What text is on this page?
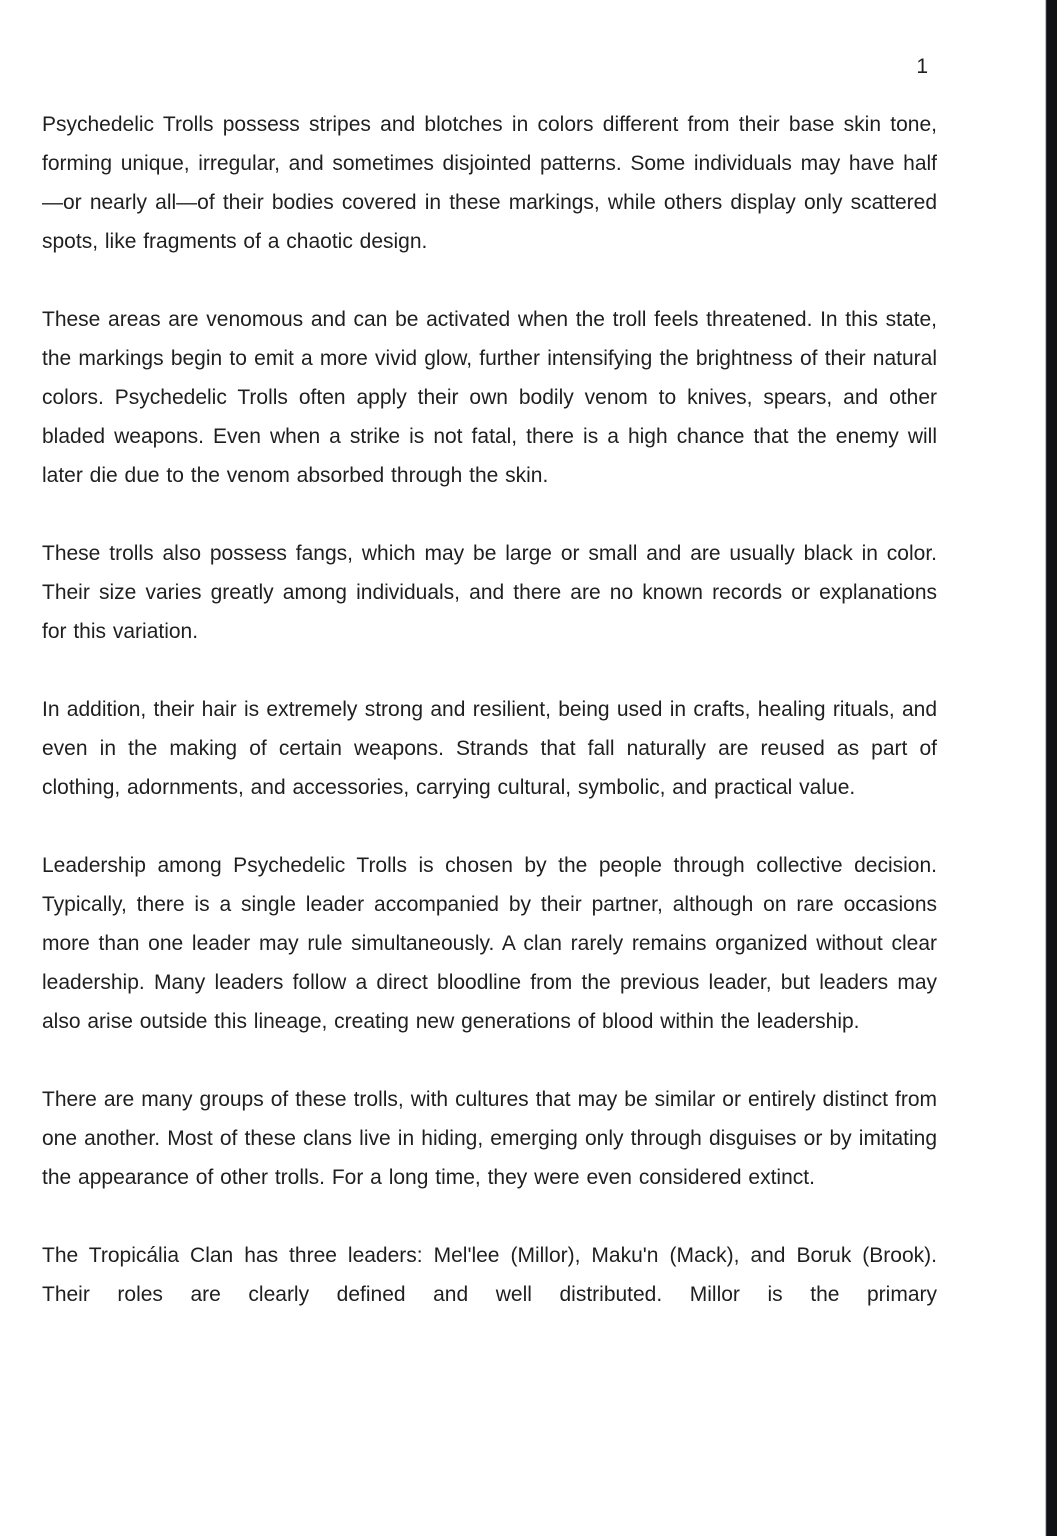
1

Psychedelic Trolls possess stripes and blotches in colors different from their base skin tone, forming unique, irregular, and sometimes disjointed patterns. Some individuals may have half—or nearly all—of their bodies covered in these markings, while others display only scattered spots, like fragments of a chaotic design.

These areas are venomous and can be activated when the troll feels threatened. In this state, the markings begin to emit a more vivid glow, further intensifying the brightness of their natural colors. Psychedelic Trolls often apply their own bodily venom to knives, spears, and other bladed weapons. Even when a strike is not fatal, there is a high chance that the enemy will later die due to the venom absorbed through the skin.

These trolls also possess fangs, which may be large or small and are usually black in color. Their size varies greatly among individuals, and there are no known records or explanations for this variation.

In addition, their hair is extremely strong and resilient, being used in crafts, healing rituals, and even in the making of certain weapons. Strands that fall naturally are reused as part of clothing, adornments, and accessories, carrying cultural, symbolic, and practical value.

Leadership among Psychedelic Trolls is chosen by the people through collective decision. Typically, there is a single leader accompanied by their partner, although on rare occasions more than one leader may rule simultaneously. A clan rarely remains organized without clear leadership. Many leaders follow a direct bloodline from the previous leader, but leaders may also arise outside this lineage, creating new generations of blood within the leadership.

There are many groups of these trolls, with cultures that may be similar or entirely distinct from one another. Most of these clans live in hiding, emerging only through disguises or by imitating the appearance of other trolls. For a long time, they were even considered extinct.

The Tropicália Clan has three leaders: Mel'lee (Millor), Maku'n (Mack), and Boruk (Brook). Their roles are clearly defined and well distributed. Millor is the primary
